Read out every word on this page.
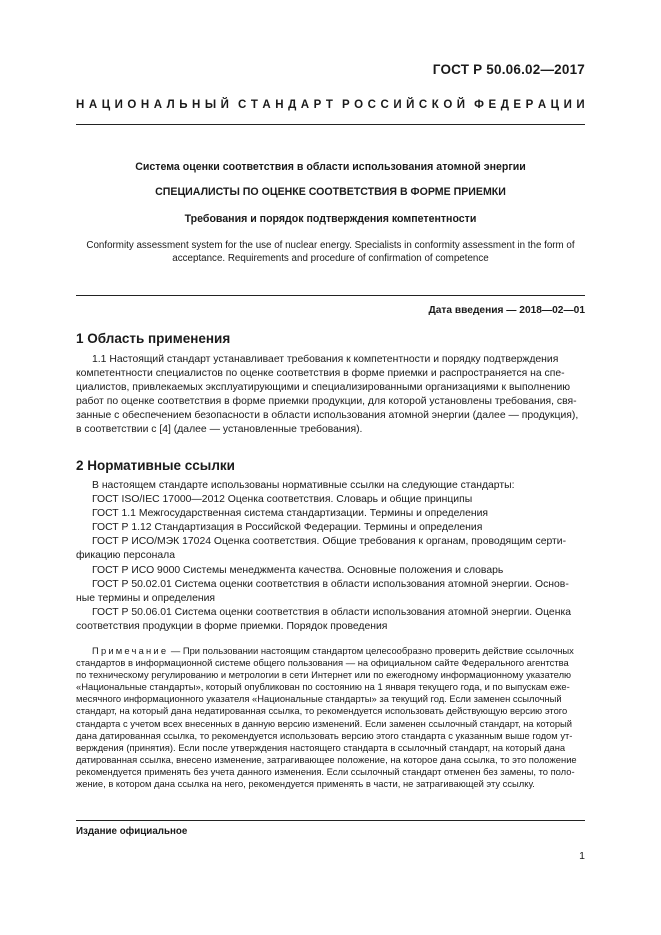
ГОСТ Р 50.06.02—2017
Н А Ц И О Н А Л Ь Н Ы Й С Т А Н Д А Р Т Р О С С И Й С К О Й Ф Е Д Е Р А Ц И И
Система оценки соответствия в области использования атомной энергии
СПЕЦИАЛИСТЫ ПО ОЦЕНКЕ СООТВЕТСТВИЯ В ФОРМЕ ПРИЕМКИ
Требования и порядок подтверждения компетентности
Conformity assessment system for the use of nuclear energy. Specialists in conformity assessment in the form of
acceptance. Requirements and procedure of confirmation of competence
Дата введения — 2018—02—01
1 Область применения
1.1 Настоящий стандарт устанавливает требования к компетентности и порядку подтверждения
компетентности специалистов по оценке соответствия в форме приемки и распространяется на спе-
циалистов, привлекаемых эксплуатирующими и специализированными организациями к выполнению
работ по оценке соответствия в форме приемки продукции, для которой установлены требования, свя-
занные с обеспечением безопасности в области использования атомной энергии (далее — продукция),
в соответствии с [4] (далее — установленные требования).
2 Нормативные ссылки
В настоящем стандарте использованы нормативные ссылки на следующие стандарты:
ГОСТ ISO/IEC 17000—2012 Оценка соответствия. Словарь и общие принципы
ГОСТ 1.1 Межгосударственная система стандартизации. Термины и определения
ГОСТ Р 1.12 Стандартизация в Российской Федерации. Термины и определения
ГОСТ Р ИСО/МЭК 17024 Оценка соответствия. Общие требования к органам, проводящим серти-
фикацию персонала
ГОСТ Р ИСО 9000 Системы менеджмента качества. Основные положения и словарь
ГОСТ Р 50.02.01 Система оценки соответствия в области использования атомной энергии. Основ-
ные термины и определения
ГОСТ Р 50.06.01 Система оценки соответствия в области использования атомной энергии. Оценка
соответствия продукции в форме приемки. Порядок проведения
Примечание — При пользовании настоящим стандартом целесообразно проверить действие ссылочных
стандартов в информационной системе общего пользования — на официальном сайте Федерального агентства
по техническому регулированию и метрологии в сети Интернет или по ежегодному информационному указателю
«Национальные стандарты», который опубликован по состоянию на 1 января текущего года, и по выпускам еже-
месячного информационного указателя «Национальные стандарты» за текущий год. Если заменен ссылочный
стандарт, на который дана недатированная ссылка, то рекомендуется использовать действующую версию этого
стандарта с учетом всех внесенных в данную версию изменений. Если заменен ссылочный стандарт, на который
дана датированная ссылка, то рекомендуется использовать версию этого стандарта с указанным выше годом ут-
верждения (принятия). Если после утверждения настоящего стандарта в ссылочный стандарт, на который дана
датированная ссылка, внесено изменение, затрагивающее положение, на которое дана ссылка, то это положение
рекомендуется применять без учета данного изменения. Если ссылочный стандарт отменен без замены, то поло-
жение, в котором дана ссылка на него, рекомендуется применять в части, не затрагивающей эту ссылку.
Издание официальное
1
